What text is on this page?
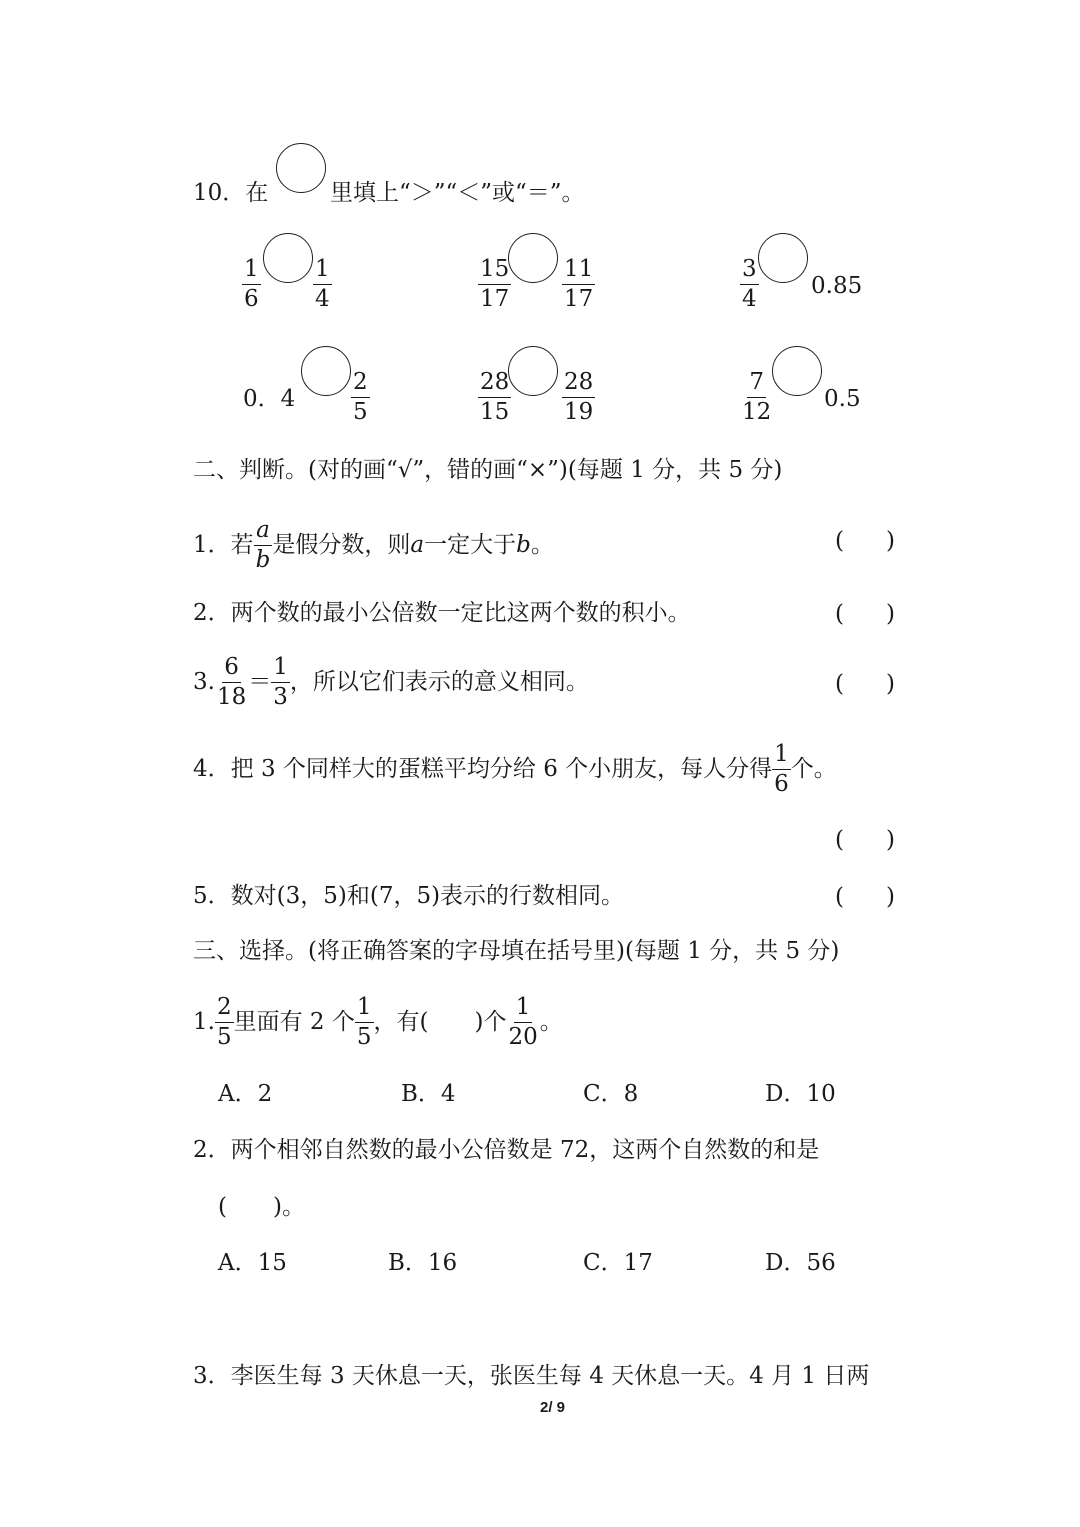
10．在	里填上“＞”“＜”或“＝”。
$\frac{1}{6} \frac{1}{4}$	$\frac{15}{17} \frac{11}{17}$	$\frac{3}{4} 0.85$
0．$4 \frac{2}{5}$	$\frac{28}{15} \frac{28}{19}$	$\frac{7}{12} 0.5$
二、判断。(对的画“√”，错的画“×”)(每题 1 分，共 5 分)
1．若 $\frac{a}{b}$ 是假分数，则 a 一定大于 b 。	( )
2．两个数的最小公倍数一定比这两个数的积小。	( )
3. $\frac{6}{18} = \frac{1}{3}$ ，所以它们表示的意义相同。	( )
4．把 3 个同样大的蛋糕平均分给 6 个小朋友，每人分得 $\frac{1}{6}$ 个。
( )
5．数对(3，5)和(7，5)表示的行数相同。	( )
三、选择。(将正确答案的字母填在括号里)(每题 1 分，共 5 分)
1. $\frac{2}{5}$ 里面有 2 个 $\frac{1}{5}$ ，有(　　)个 $\frac{1}{20}$ 。
A．2	B．4	C．8	D．10
2．两个相邻自然数的最小公倍数是 72，这两个自然数的和是
(　　)。
A．15	B．16	C．17	D．56
3．李医生每 3 天休息一天，张医生每 4 天休息一天。4 月 1 日两
2/ 9
